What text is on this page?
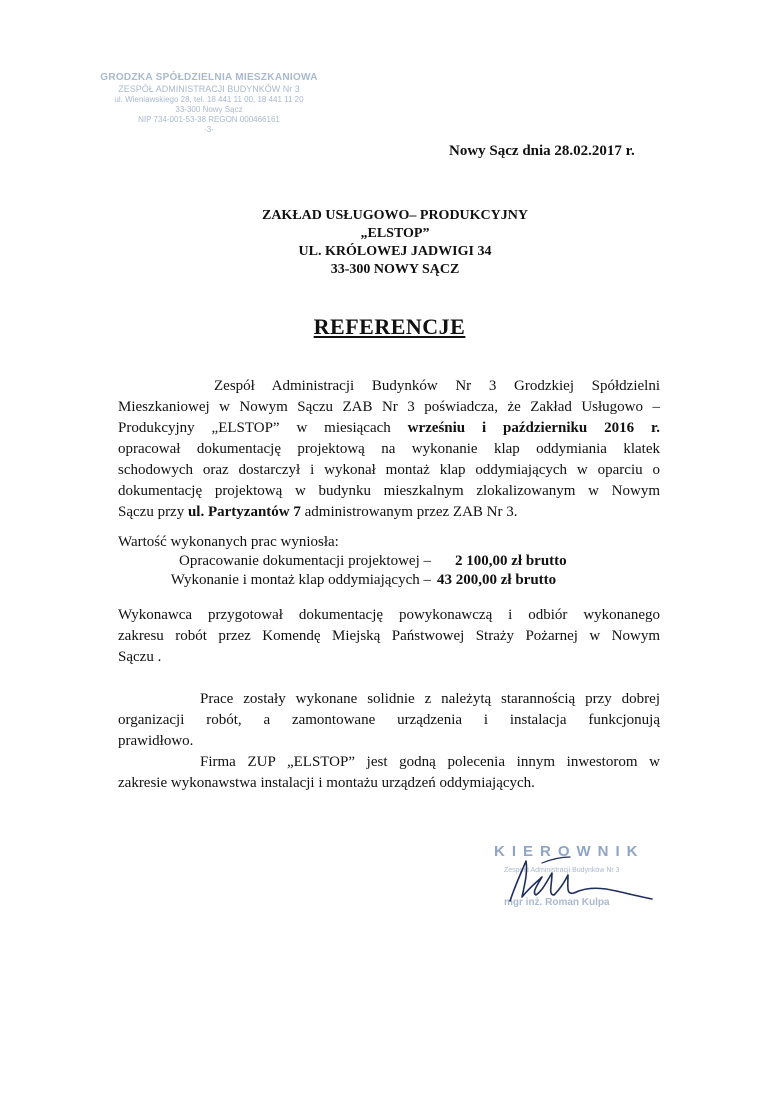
GRODZKA SPÓŁDZIELNIA MIESZKANIOWA
ZESPÓŁ ADMINISTRACJI BUDYNKÓW Nr 3
ul. Wieniawskiego 28, tel. 18 441 11 00, 18 441 11 20
33-300 Nowy Sącz
NIP 734-001-53-38 REGON 000466161
-3-
Nowy Sącz dnia 28.02.2017 r.
ZAKŁAD USŁUGOWO– PRODUKCYJNY
„ELSTOP”
UL. KRÓLOWEJ JADWIGI 34
33-300 NOWY SĄCZ
REFERENCJE
Zespół Administracji Budynków Nr 3 Grodzkiej Spółdzielni
Mieszkaniowej w Nowym Sączu ZAB Nr 3 poświadcza, że Zakład Usługowo –
Produkcyjny „ELSTOP” w miesiącach wrześniu i październiku 2016 r.
opracował dokumentację projektową na wykonanie klap oddymiania klatek
schodowych oraz dostarczył i wykonał montaż klap oddymiających w oparciu o
dokumentację projektową w budynku mieszkalnym zlokalizowanym w Nowym
Sączu przy ul. Partyzantów 7 administrowanym przez ZAB Nr 3.
Wartość wykonanych prac wyniosła:
Opracowanie dokumentacji projektowej – 2 100,00 zł brutto
Wykonanie i montaż klap oddymiających – 43 200,00 zł brutto
Wykonawca przygotował dokumentację powykonawczą i odbiór wykonanego
zakresu robót przez Komendę Miejską Państwowej Straży Pożarnej w Nowym
Sączu .
Prace zostały wykonane solidnie z należytą starannością przy dobrej
organizacji robót, a zamontowane urządzenia i instalacja funkcjonują
prawidłowo.
Firma ZUP „ELSTOP” jest godną polecenia innym inwestorom w
zakresie wykonawstwa instalacji i montażu urządzeń oddymiających.
KIEROWNIK
Zespołu Administracji Budynków Nr 3
mgr inż. Roman Kulpa
